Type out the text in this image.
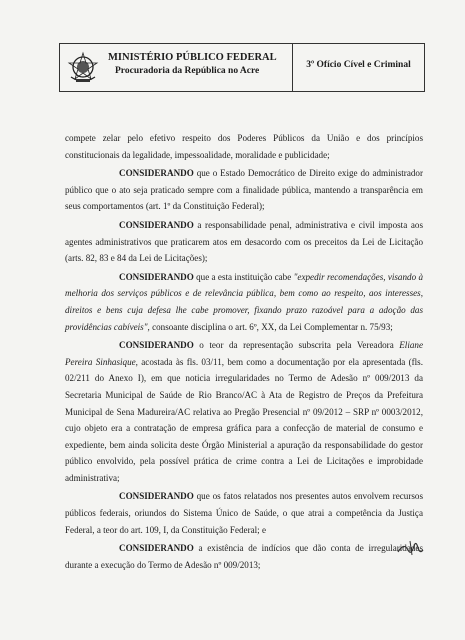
MINISTÉRIO PÚBLICO FEDERAL
Procuradoria da República no Acre
3º Ofício Cível e Criminal

compete zelar pelo efetivo respeito dos Poderes Públicos da União e dos princípios constitucionais da legalidade, impessoalidade, moralidade e publicidade;

CONSIDERANDO que o Estado Democrático de Direito exige do administrador público que o ato seja praticado sempre com a finalidade pública, mantendo a transparência em seus comportamentos (art. 1º da Constituição Federal);

CONSIDERANDO a responsabilidade penal, administrativa e civil imposta aos agentes administrativos que praticarem atos em desacordo com os preceitos da Lei de Licitação (arts. 82, 83 e 84 da Lei de Licitações);

CONSIDERANDO que a esta instituição cabe "expedir recomendações, visando à melhoria dos serviços públicos e de relevância pública, bem como ao respeito, aos interesses, direitos e bens cuja defesa lhe cabe promover, fixando prazo razoável para a adoção das providências cabíveis", consoante disciplina o art. 6º, XX, da Lei Complementar n. 75/93;

CONSIDERANDO o teor da representação subscrita pela Vereadora Eliane Pereira Sinhasique, acostada às fls. 03/11, bem como a documentação por ela apresentada (fls. 02/211 do Anexo I), em que noticia irregularidades no Termo de Adesão nº 009/2013 da Secretaria Municipal de Saúde de Rio Branco/AC à Ata de Registro de Preços da Prefeitura Municipal de Sena Madureira/AC relativa ao Pregão Presencial nº 09/2012 – SRP nº 0003/2012, cujo objeto era a contratação de empresa gráfica para a confecção de material de consumo e expediente, bem ainda solicita deste Órgão Ministerial a apuração da responsabilidade do gestor público envolvido, pela possível prática de crime contra a Lei de Licitações e improbidade administrativa;

CONSIDERANDO que os fatos relatados nos presentes autos envolvem recursos públicos federais, oriundos do Sistema Único de Saúde, o que atrai a competência da Justiça Federal, a teor do art. 109, I, da Constituição Federal; e

CONSIDERANDO a existência de indícios que dão conta de irregularidades durante a execução do Termo de Adesão nº 009/2013;
